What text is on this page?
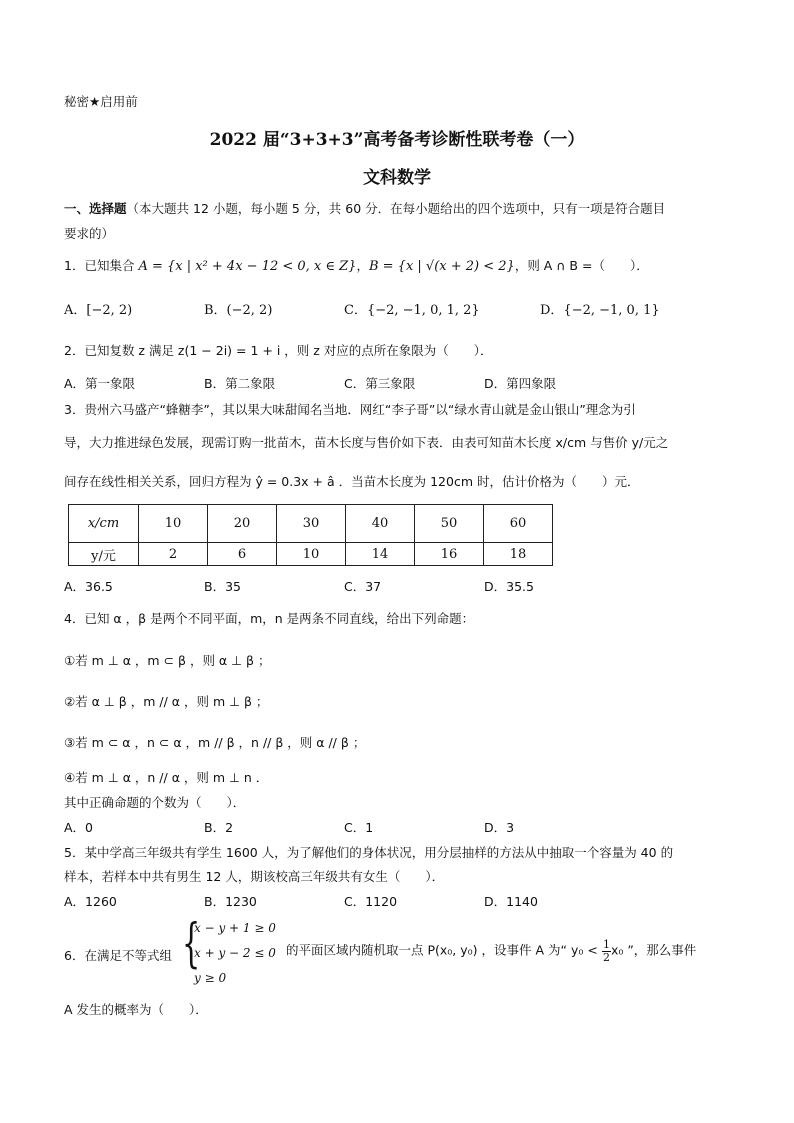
秘密★启用前
2022 届“3+3+3”高考备考诊断性联考卷（一）
文科数学
一、选择题（本大题共 12 小题，每小题 5 分，共 60 分．在每小题给出的四个选项中，只有一项是符合题目
要求的）
1．已知集合 A = {x | x² + 4x − 12 < 0, x ∈ Z}，B = {x | √(x + 2) < 2}，则 A ∩ B =（　　）．
A．[−2, 2)	B．(−2, 2)	C．{−2, −1, 0, 1, 2}	D．{−2, −1, 0, 1}
2．已知复数 z 满足 z(1 − 2i) = 1 + i ，则 z 对应的点所在象限为（　　）．
A．第一象限	B．第二象限	C．第三象限	D．第四象限
3．贵州六马盛产“蜂糖李”，其以果大味甜闻名当地．网红“李子哥”以“绿水青山就是金山银山”理念为引
导，大力推进绿色发展，现需订购一批苗木，苗木长度与售价如下表．由表可知苗木长度 x/cm 与售价 y/元之
间存在线性相关关系，回归方程为 ŷ = 0.3x + â ．当苗木长度为 120cm 时，估计价格为（　　）元．
x/cm	10	20	30	40	50	60
y/元	2	6	10	14	16	18
A．36.5	B．35	C．37	D．35.5
4．已知 α ，β 是两个不同平面，m，n 是两条不同直线，给出下列命题：
①若 m ⊥ α ，m ⊂ β ，则 α ⊥ β ；
②若 α ⊥ β ，m // α ，则 m ⊥ β ；
③若 m ⊂ α ，n ⊂ α ，m // β ，n // β ，则 α // β ；
④若 m ⊥ α ，n // α ，则 m ⊥ n ．
其中正确命题的个数为（　　）．
A．0	B．2	C．1	D．3
5．某中学高三年级共有学生 1600 人，为了解他们的身体状况，用分层抽样的方法从中抽取一个容量为 40 的
样本，若样本中共有男生 12 人，期该校高三年级共有女生（　　）．
A．1260	B．1230	C．1120	D．1140
6．在满足不等式组 {
x − y + 1 ≥ 0
x + y − 2 ≤ 0
y ≥ 0
的平面区域内随机取一点 P(x₀, y₀) ，设事件 A 为“ $y_0 < \frac{1}{2}x_0$ ”，那么事件
A 发生的概率为（　　）．
